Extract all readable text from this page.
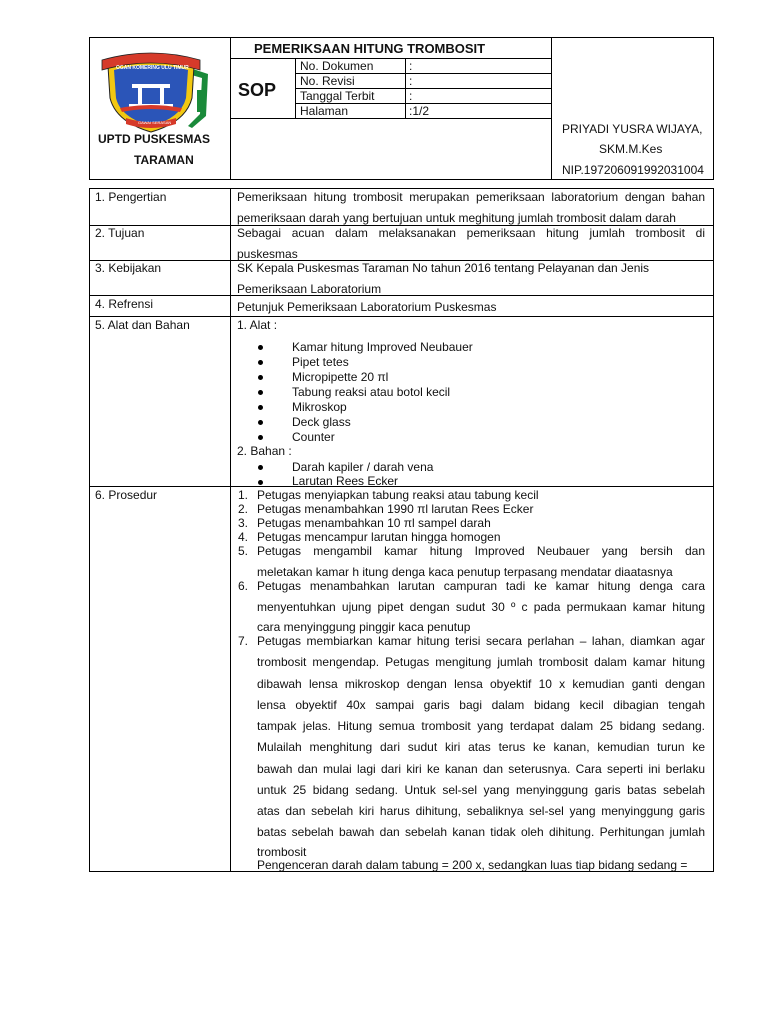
OGAN KOMERING ULU TIMUR
GAWAI SERASAN
UPTD PUSKESMAS
TARAMAN
PEMERIKSAAN HITUNG TROMBOSIT
SOP
No. Dokumen	:
No. Revisi	:
Tanggal Terbit	:
Halaman	:1/2
PRIYADI YUSRA WIJAYA,
SKM.M.Kes
NIP.197206091992031004
1. Pengertian	Pemeriksaan hitung trombosit merupakan pemeriksaan laboratorium dengan bahan
pemeriksaan darah yang bertujuan untuk meghitung jumlah trombosit dalam darah
2. Tujuan	Sebagai acuan dalam melaksanakan pemeriksaan hitung jumlah trombosit di
puskesmas
3. Kebijakan	SK Kepala Puskesmas Taraman No tahun 2016 tentang Pelayanan dan Jenis
Pemeriksaan Laboratorium
4. Refrensi	Petunjuk Pemeriksaan Laboratorium Puskesmas
5. Alat dan Bahan	1. Alat :
Kamar hitung Improved Neubauer
Pipet tetes
Micropipette 20 πl
Tabung reaksi atau botol kecil
Mikroskop
Deck glass
Counter
2. Bahan :
Darah kapiler / darah vena
Larutan Rees Ecker
6. Prosedur	1. Petugas menyiapkan tabung reaksi atau tabung kecil
2. Petugas menambahkan 1990 πl larutan Rees Ecker
3. Petugas menambahkan 10 πl sampel darah
4. Petugas mencampur larutan hingga homogen
5. Petugas mengambil kamar hitung Improved Neubauer yang bersih dan
meletakan kamar h itung denga kaca penutup terpasang mendatar diaatasnya
6. Petugas menambahkan larutan campuran tadi ke kamar hitung denga cara
menyentuhkan ujung pipet dengan sudut 30 º c pada permukaan kamar hitung
cara menyinggung pinggir kaca penutup
7. Petugas membiarkan kamar hitung terisi secara perlahan – lahan, diamkan agar
trombosit mengendap. Petugas mengitung jumlah trombosit dalam kamar hitung
dibawah lensa mikroskop dengan lensa obyektif 10 x kemudian ganti dengan
lensa obyektif 40x sampai garis bagi dalam bidang kecil dibagian tengah
tampak jelas. Hitung semua trombosit yang terdapat dalam 25 bidang sedang.
Mulailah menghitung dari sudut kiri atas terus ke kanan, kemudian turun ke
bawah dan mulai lagi dari kiri ke kanan dan seterusnya. Cara seperti ini berlaku
untuk 25 bidang sedang. Untuk sel-sel yang menyinggung garis batas sebelah
atas dan sebelah kiri harus dihitung, sebaliknya sel-sel yang menyinggung garis
batas sebelah bawah dan sebelah kanan tidak oleh dihitung. Perhitungan jumlah
trombosit
Pengenceran darah dalam tabung = 200 x, sedangkan luas tiap bidang sedang =
